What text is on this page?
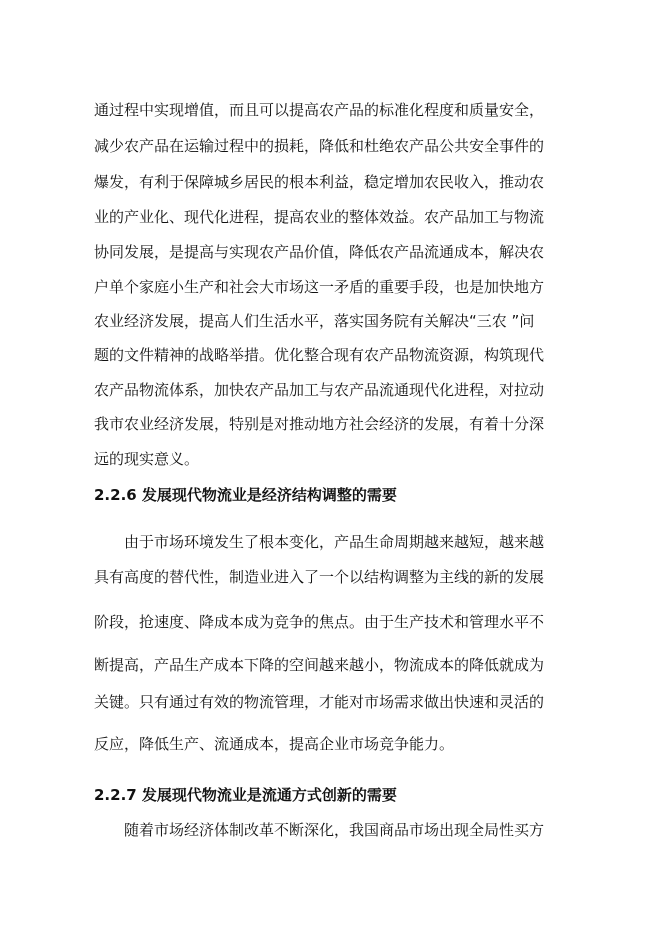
通过程中实现增值，而且可以提高农产品的标准化程度和质量安全，
减少农产品在运输过程中的损耗，降低和杜绝农产品公共安全事件的
爆发，有利于保障城乡居民的根本利益，稳定增加农民收入，推动农
业的产业化、现代化进程，提高农业的整体效益。农产品加工与物流
协同发展，是提高与实现农产品价值，降低农产品流通成本，解决农
户单个家庭小生产和社会大市场这一矛盾的重要手段，也是加快地方
农业经济发展，提高人们生活水平，落实国务院有关解决“三农 ”问
题的文件精神的战略举措。优化整合现有农产品物流资源，构筑现代
农产品物流体系，加快农产品加工与农产品流通现代化进程，对拉动
我市农业经济发展，特别是对推动地方社会经济的发展，有着十分深
远的现实意义。
2.2.6 发展现代物流业是经济结构调整的需要
由于市场环境发生了根本变化，产品生命周期越来越短，越来越
具有高度的替代性，制造业进入了一个以结构调整为主线的新的发展
阶段，抢速度、降成本成为竞争的焦点。由于生产技术和管理水平不
断提高，产品生产成本下降的空间越来越小，物流成本的降低就成为
关键。只有通过有效的物流管理，才能对市场需求做出快速和灵活的
反应，降低生产、流通成本，提高企业市场竞争能力。
2.2.7 发展现代物流业是流通方式创新的需要
随着市场经济体制改革不断深化，我国商品市场出现全局性买方
